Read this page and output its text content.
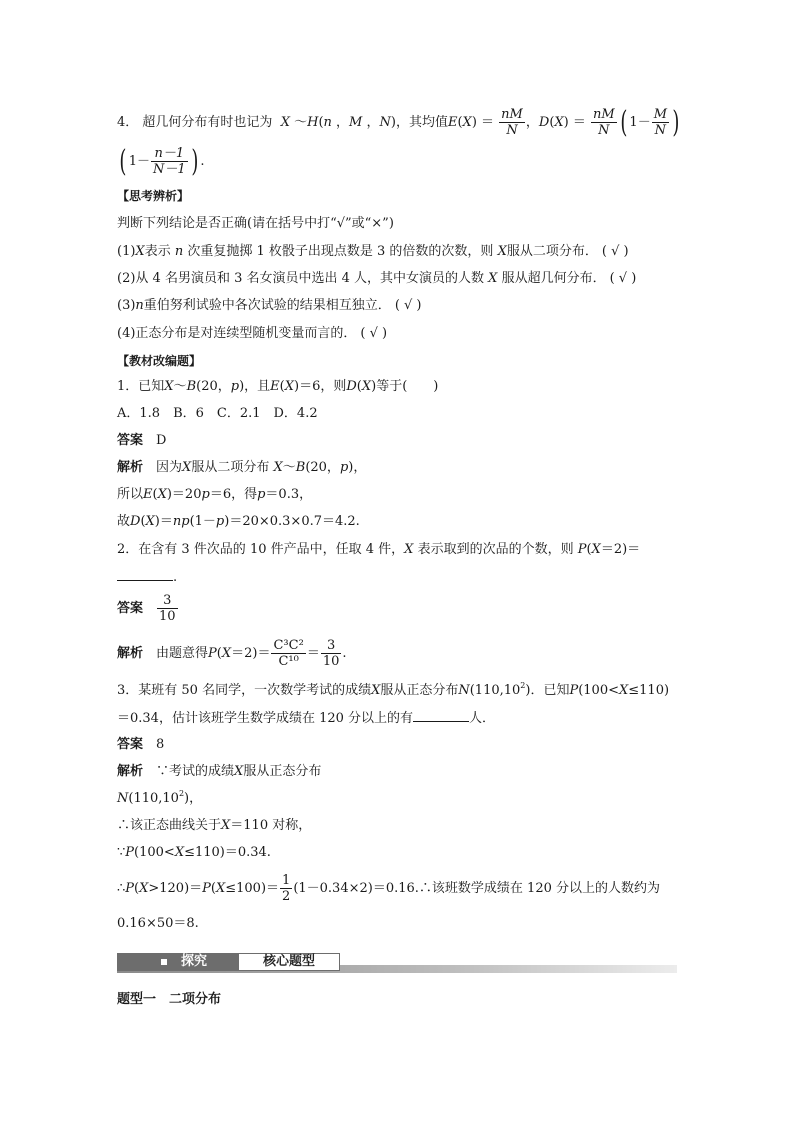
4． 超几何分布有时也记为 X ～H(n ，M ，N)，其均值$E(X) = \frac{nM}{N}$ ，$D(X) = \frac{nM}{N}$ ( $1- \frac{M}{N}$ )
( $1- \frac{n-1}{N-1}$ ) .
【思考辨析】
判断下列结论是否正确(请在括号中打“√”或“×”)
(1)X表示 n 次重复抛掷 1 枚骰子出现点数是 3 的倍数的次数，则 X服从二项分布． ( √ )
(2)从 4 名男演员和 3 名女演员中选出 4 人，其中女演员的人数 X 服从超几何分布． ( √ )
(3)n重伯努利试验中各次试验的结果相互独立． ( √ )
(4)正态分布是对连续型随机变量而言的． ( √ )
【教材改编题】
1．已知X～B(20，p)，且E(X)＝6，则D(X)等于(　　)
A．1.8　B．6　C．2.1　D．4.2
答案　 D
解析　 因为X服从二项分布 X～B(20，p)，
所以E(X)＝20p＝6，得p＝0.3，
故D(X)＝np(1－p)＝20×0.3×0.7＝4.2.
2．在含有 3 件次品的 10 件产品中，任取 4 件，X 表示取到的次品的个数，则 P(X＝2)＝
.
答案　 $\frac{3}{10}$
解析　 由题意得$P(X=2)= \frac{\text{C³C²}}{\text{C¹⁰}} = \frac{3}{10}$ .
3．某班有 50 名同学，一次数学考试的成绩X服从正态分布N(110,10$^2$)．已知P(100<X≤110)
＝0.34，估计该班学生数学成绩在 120 分以上的有	人．
答案　 8
解析　 ∵考试的成绩X服从正态分布
N(110,10$^2$)，
∴该正态曲线关于X＝110 对称，
∵P(100<X≤110)＝0.34.
∴P(X>120)＝P(X≤100)＝ $\frac{1}{2}$ (1－0.34×2)＝0.16.∴该班数学成绩在 120 分以上的人数约为
0.16×50＝8.
探究	核心题型
题型一　二项分布
